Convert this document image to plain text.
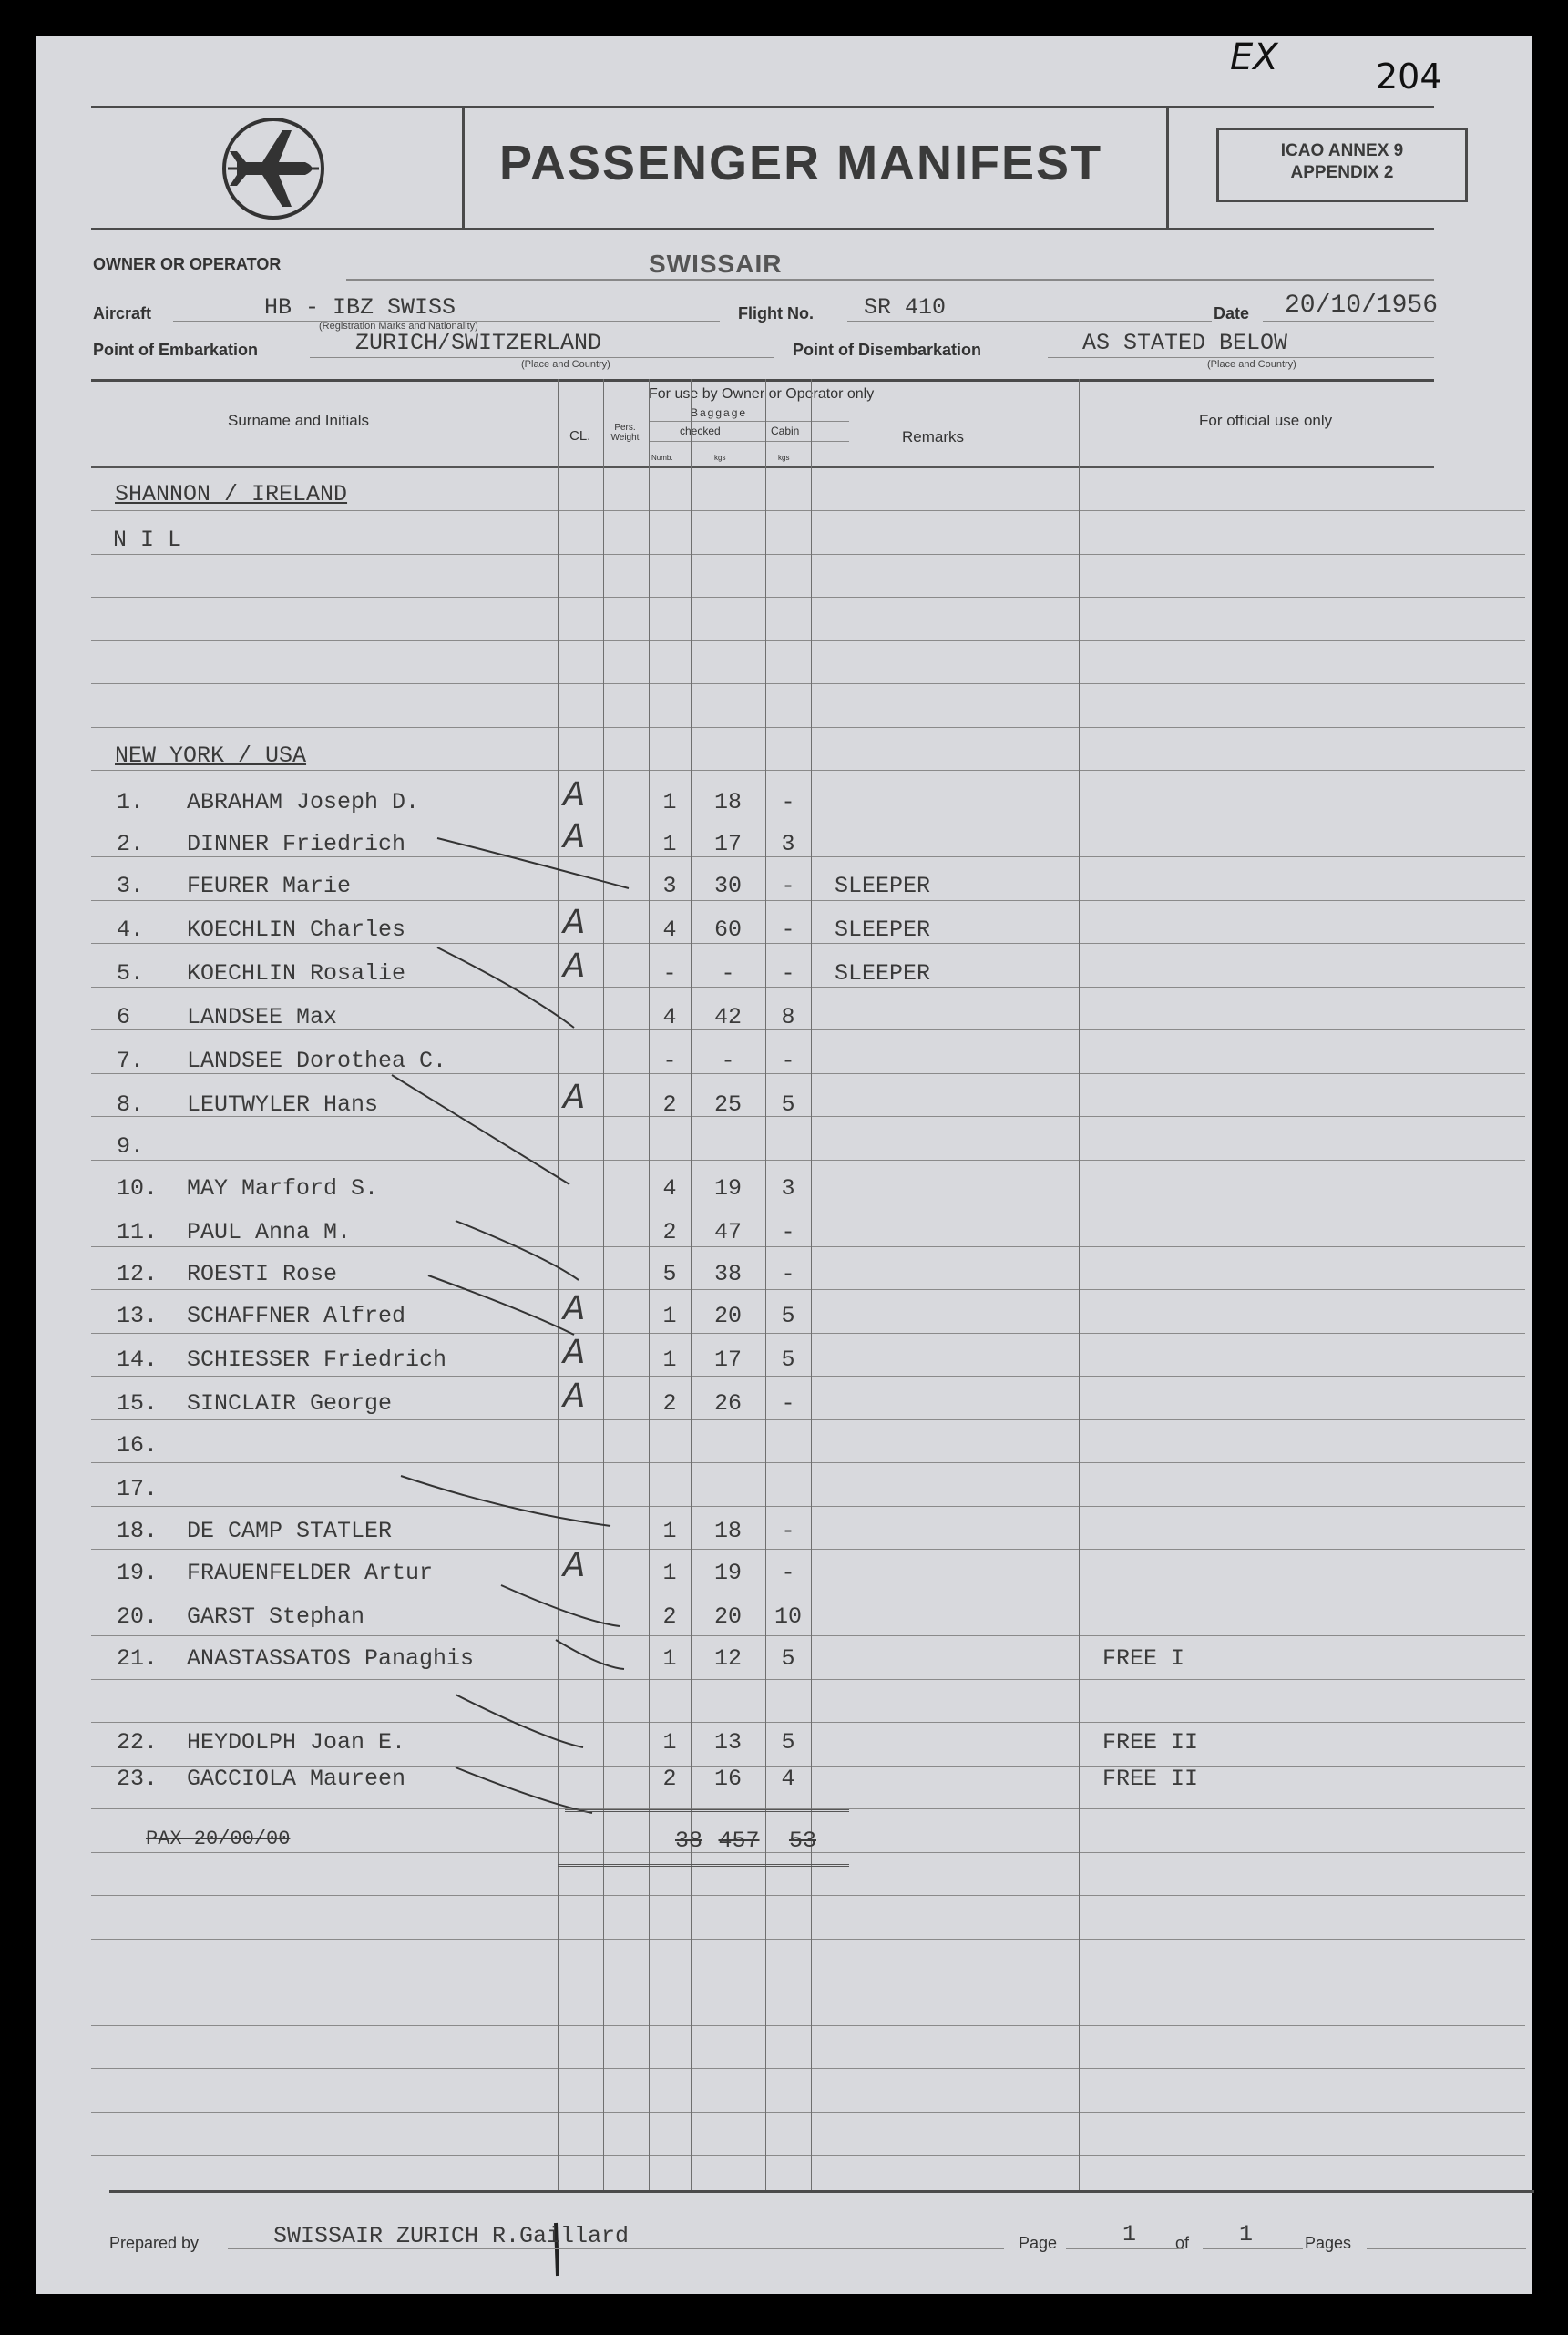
EX	204
PASSENGER MANIFEST	ICAO ANNEX 9
APPENDIX 2
OWNER OR OPERATOR	SWISSAIR
Aircraft	HB - IBZ SWISS
(Registration Marks and Nationality)
Flight No. SR 410	Date 20/10/1956
Point of Embarkation	ZURICH/SWITZERLAND
(Place and Country)
Point of Disembarkation	AS STATED BELOW
(Place and Country)
Surname and Initials
For use by Owner or Operator only
CL.
Pers.
Weight
Baggage
checked	Cabin
Numb.	kgs	kgs
Remarks
For official use only
SHANNON / IRELAND
N I L
NEW YORK / USA
1.	ABRAHAM Joseph D.	A	1	18	-
2.	DINNER Friedrich	A	1	17	3
3.	FEURER Marie	3	30	-	SLEEPER
4.	KOECHLIN Charles	A	4	60	-	SLEEPER
5.	KOECHLIN Rosalie	A	-	-	-	SLEEPER
6	LANDSEE Max	4	42	8
7.	LANDSEE Dorothea C.	-	-	-
8.	LEUTWYLER Hans	A	2	25	5
9.
10.	MAY Marford S.	4	19	3
11.	PAUL Anna M.	2	47	-
12.	ROESTI Rose	5	38	-
13.	SCHAFFNER Alfred	A	1	20	5
14.	SCHIESSER Friedrich	A	1	17	5
15.	SINCLAIR George	A	2	26	-
16.
17.
18.	DE CAMP STATLER	1	18	-
19.	FRAUENFELDER Artur	A	1	19	-
20.	GARST Stephan	2	20	10
21.	ANASTASSATOS Panaghis	1	12	5	FREE I
22.	HEYDOLPH Joan E.	1	13	5	FREE II
23.	GACCIOLA Maureen	2	16	4	FREE II
PAX 20/00/00	38 457	53
Prepared by	SWISSAIR ZURICH R.Gaillard	Page	1 of 1	Pages
